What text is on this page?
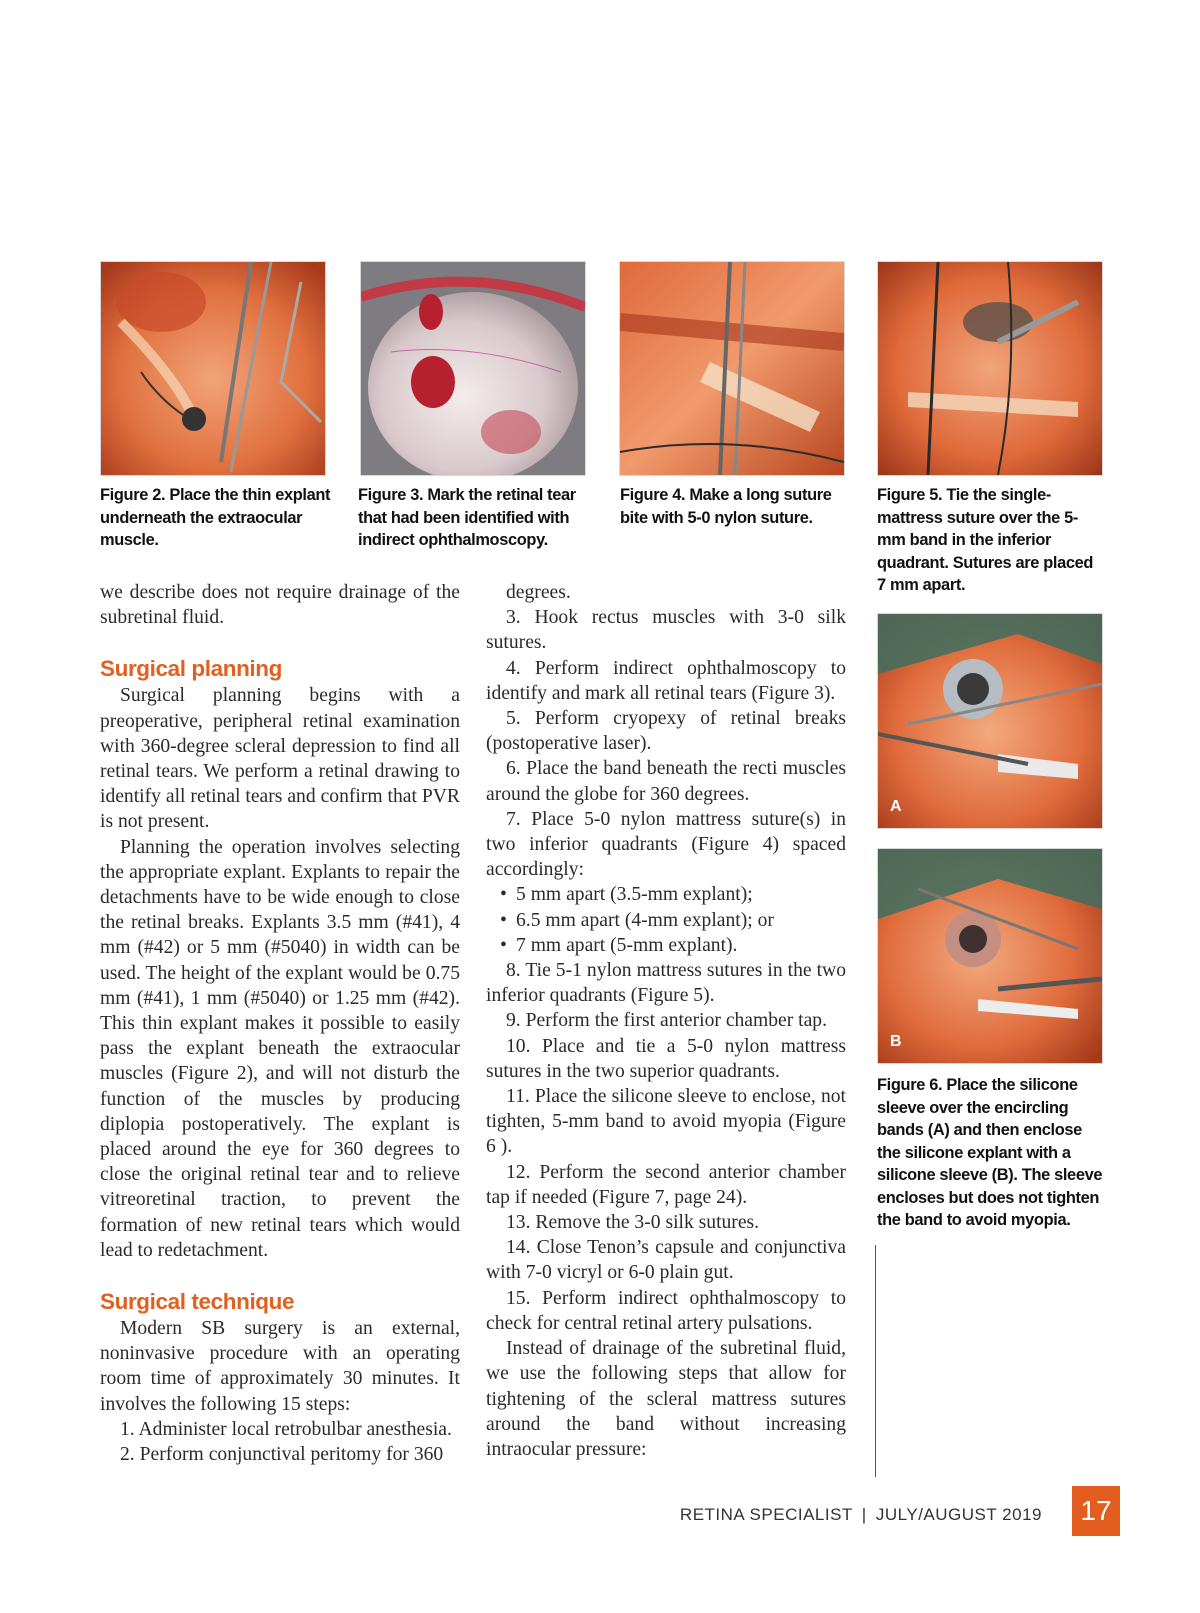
Figure 2. Place the thin explant underneath the extraocular muscle.
Figure 3. Mark the retinal tear that had been identified with indirect ophthalmoscopy.
Figure 4. Make a long suture bite with 5-0 nylon suture.
Figure 5. Tie the single-mattress suture over the 5-mm band in the inferior quadrant. Sutures are placed 7 mm apart.
A
B
Figure 6. Place the silicone sleeve over the encircling bands (A) and then enclose the silicone explant with a silicone sleeve (B). The sleeve encloses but does not tighten the band to avoid myopia.

we describe does not require drainage of the subretinal fluid.

Surgical planning

Surgical planning begins with a preoperative, peripheral retinal examination with 360-degree scleral depression to find all retinal tears. We perform a retinal drawing to identify all retinal tears and confirm that PVR is not present.

Planning the operation involves selecting the appropriate explant. Explants to repair the detachments have to be wide enough to close the retinal breaks. Explants 3.5 mm (#41), 4 mm (#42) or 5 mm (#5040) in width can be used. The height of the explant would be 0.75 mm (#41), 1 mm (#5040) or 1.25 mm (#42). This thin explant makes it possible to easily pass the explant beneath the extraocular muscles (Figure 2), and will not disturb the function of the muscles by producing diplopia postoperatively. The explant is placed around the eye for 360 degrees to close the original retinal tear and to relieve vitreoretinal traction, to prevent the formation of new retinal tears which would lead to redetachment.

Surgical technique

Modern SB surgery is an external, noninvasive procedure with an operating room time of approximately 30 minutes. It involves the following 15 steps:

1. Administer local retrobulbar anesthesia.

2. Perform conjunctival peritomy for 360

degrees.

3. Hook rectus muscles with 3-0 silk sutures.

4. Perform indirect ophthalmoscopy to identify and mark all retinal tears (Figure 3).

5. Perform cryopexy of retinal breaks (postoperative laser).

6. Place the band beneath the recti muscles around the globe for 360 degrees.

7. Place 5-0 nylon mattress suture(s) in two inferior quadrants (Figure 4) spaced accordingly:

• 5 mm apart (3.5-mm explant);

• 6.5 mm apart (4-mm explant); or

• 7 mm apart (5-mm explant).

8. Tie 5-1 nylon mattress sutures in the two inferior quadrants (Figure 5).

9. Perform the first anterior chamber tap.

10. Place and tie a 5-0 nylon mattress sutures in the two superior quadrants.

11. Place the silicone sleeve to enclose, not tighten, 5-mm band to avoid myopia (Figure 6 ).

12. Perform the second anterior chamber tap if needed (Figure 7, page 24).

13. Remove the 3-0 silk sutures.

14. Close Tenon’s capsule and conjunctiva with 7-0 vicryl or 6-0 plain gut.

15. Perform indirect ophthalmoscopy to check for central retinal artery pulsations.

Instead of drainage of the subretinal fluid, we use the following steps that allow for tightening of the scleral mattress sutures around the band without increasing intraocular pressure:

RETINA SPECIALIST | JULY/AUGUST 2019	17
